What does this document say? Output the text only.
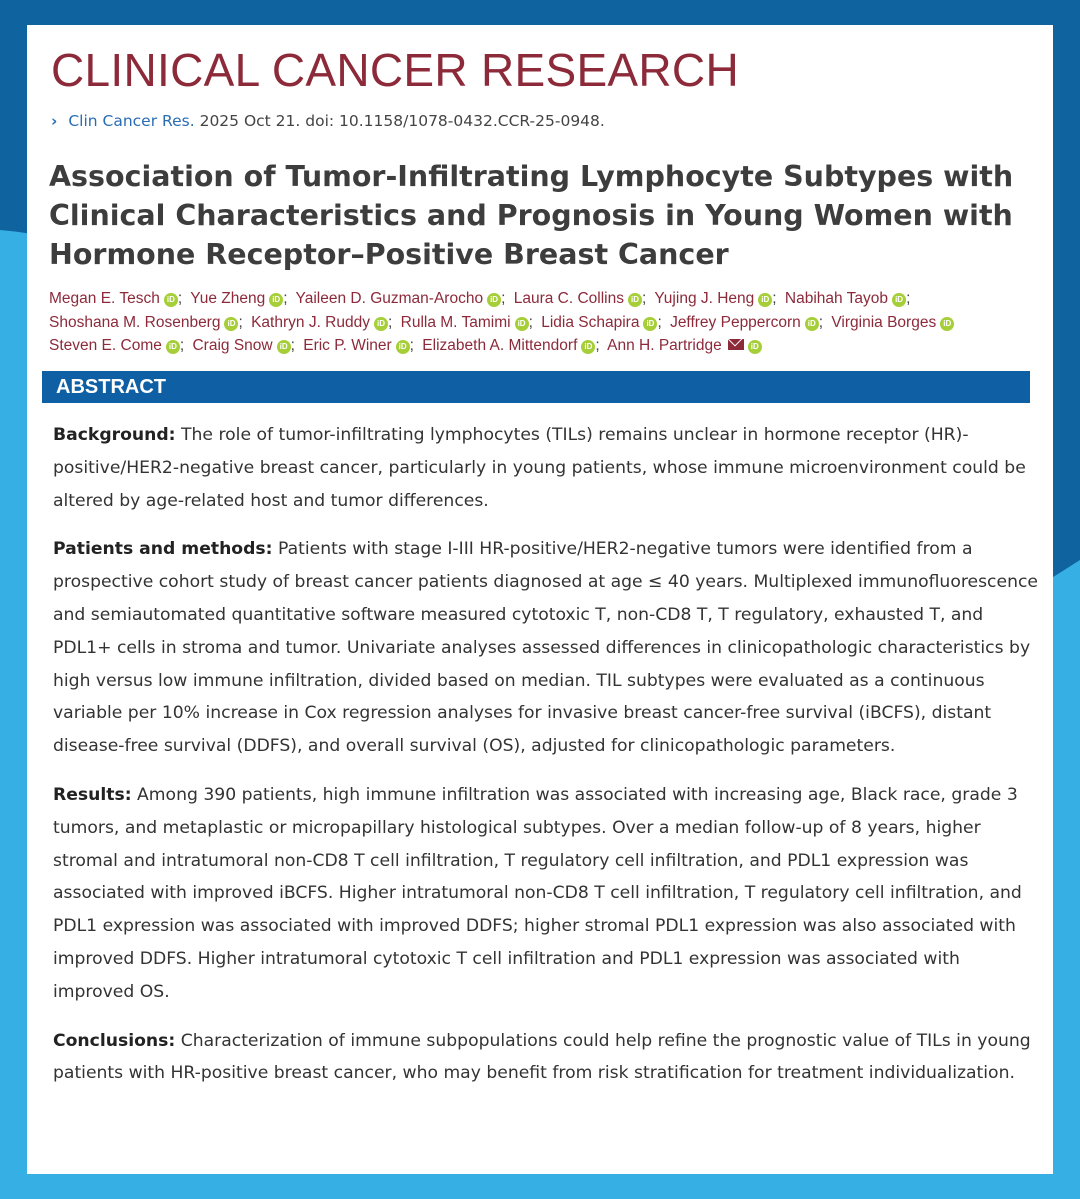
CLINICAL CANCER RESEARCH
› Clin Cancer Res. 2025 Oct 21. doi: 10.1158/1078-0432.CCR-25-0948.
Association of Tumor-Infiltrating Lymphocyte Subtypes with Clinical Characteristics and Prognosis in Young Women with Hormone Receptor–Positive Breast Cancer

Megan E. Tesch iD ; Yue Zheng iD ; Yaileen D. Guzman-Arocho iD ; Laura C. Collins iD ; Yujing J. Heng iD ; Nabihah Tayob iD ;
Shoshana M. Rosenberg iD ; Kathryn J. Ruddy iD ; Rulla M. Tamimi iD ; Lidia Schapira iD ; Jeffrey Peppercorn iD ; Virginia Borges iD
Steven E. Come iD ; Craig Snow iD ; Eric P. Winer iD ; Elizabeth A. Mittendorf iD ; Ann H. Partridge	iD

ABSTRACT

Background: The role of tumor-infiltrating lymphocytes (TILs) remains unclear in hormone receptor (HR)-positive/HER2-negative breast cancer, particularly in young patients, whose immune microenvironment could be altered by age-related host and tumor differences.

Patients and methods: Patients with stage I-III HR-positive/HER2-negative tumors were identified from a prospective cohort study of breast cancer patients diagnosed at age ≤ 40 years. Multiplexed immunofluorescence and semiautomated quantitative software measured cytotoxic T, non-CD8 T, T regulatory, exhausted T, and PDL1+ cells in stroma and tumor. Univariate analyses assessed differences in clinicopathologic characteristics by high versus low immune infiltration, divided based on median. TIL subtypes were evaluated as a continuous variable per 10% increase in Cox regression analyses for invasive breast cancer-free survival (iBCFS), distant disease-free survival (DDFS), and overall survival (OS), adjusted for clinicopathologic parameters.

Results: Among 390 patients, high immune infiltration was associated with increasing age, Black race, grade 3 tumors, and metaplastic or micropapillary histological subtypes. Over a median follow-up of 8 years, higher stromal and intratumoral non-CD8 T cell infiltration, T regulatory cell infiltration, and PDL1 expression was associated with improved iBCFS. Higher intratumoral non-CD8 T cell infiltration, T regulatory cell infiltration, and PDL1 expression was associated with improved DDFS; higher stromal PDL1 expression was also associated with improved DDFS. Higher intratumoral cytotoxic T cell infiltration and PDL1 expression was associated with improved OS.

Conclusions: Characterization of immune subpopulations could help refine the prognostic value of TILs in young patients with HR-positive breast cancer, who may benefit from risk stratification for treatment individualization.
